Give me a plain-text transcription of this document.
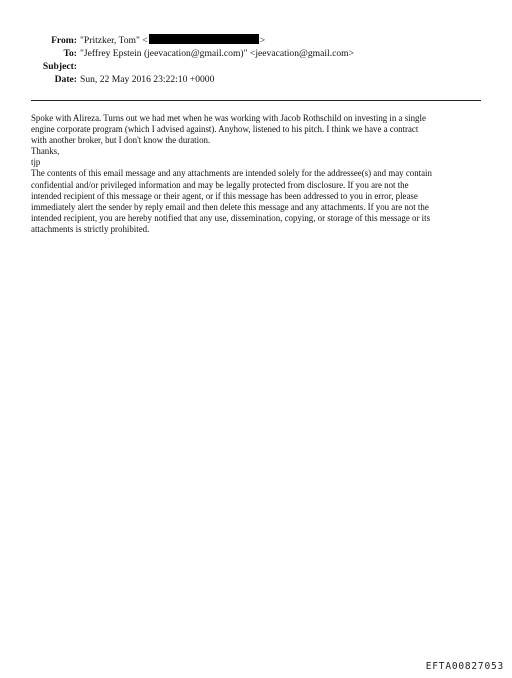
From: "Pritzker, Tom" <	>
To: "Jeffrey Epstein (jeevacation@gmail.com)" <jeevacation@gmail.com>
Subject:
Date: Sun, 22 May 2016 23:22:10 +0000
Spoke with Alireza. Turns out we had met when he was working with Jacob Rothschild on investing in a single
engine corporate program (which I advised against). Anyhow, listened to his pitch. I think we have a contract
with another broker, but I don't know the duration.
Thanks,
tjp
The contents of this email message and any attachments are intended solely for the addressee(s) and may contain
confidential and/or privileged information and may be legally protected from disclosure. If you are not the
intended recipient of this message or their agent, or if this message has been addressed to you in error, please
immediately alert the sender by reply email and then delete this message and any attachments. If you are not the
intended recipient, you are hereby notified that any use, dissemination, copying, or storage of this message or its
attachments is strictly prohibited.
EFTA00827053
